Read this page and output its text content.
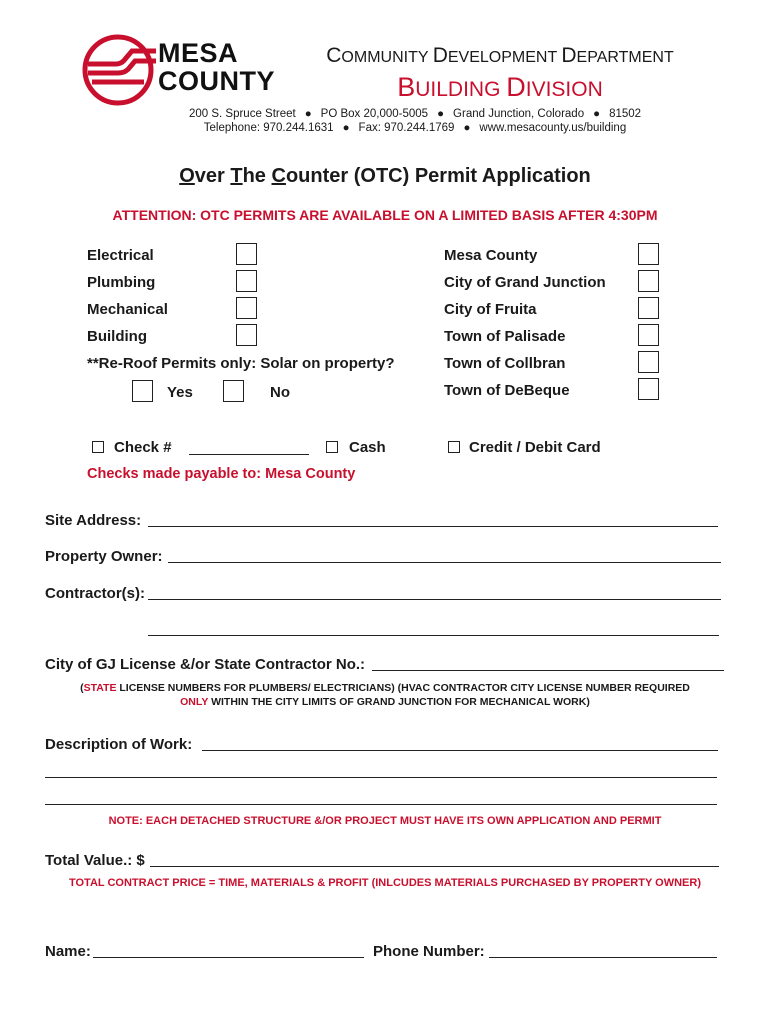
MESA
COUNTY
COMMUNITY DEVELOPMENT DEPARTMENT
BUILDING DIVISION
200 S. Spruce Street ● PO Box 20,000-5005 ● Grand Junction, Colorado ● 81502
Telephone: 970.244.1631 ● Fax: 970.244.1769 ● www.mesacounty.us/building
Over The Counter (OTC) Permit Application
ATTENTION: OTC PERMITS ARE AVAILABLE ON A LIMITED BASIS AFTER 4:30PM
Electrical
Plumbing
Mechanical
Building
**Re-Roof Permits only: Solar on property?
Yes	No
Mesa County
City of Grand Junction
City of Fruita
Town of Palisade
Town of Collbran
Town of DeBeque
Check #	Cash	Credit / Debit Card
Checks made payable to: Mesa County
Site Address:
Property Owner:
Contractor(s):
City of GJ License &/or State Contractor No.:
(STATE LICENSE NUMBERS FOR PLUMBERS/ ELECTRICIANS) (HVAC CONTRACTOR CITY LICENSE NUMBER REQUIRED
ONLY WITHIN THE CITY LIMITS OF GRAND JUNCTION FOR MECHANICAL WORK)
Description of Work:
NOTE: EACH DETACHED STRUCTURE &/OR PROJECT MUST HAVE ITS OWN APPLICATION AND PERMIT
Total Value.: $
TOTAL CONTRACT PRICE = TIME, MATERIALS & PROFIT (INLCUDES MATERIALS PURCHASED BY PROPERTY OWNER)
Name:	Phone Number:
